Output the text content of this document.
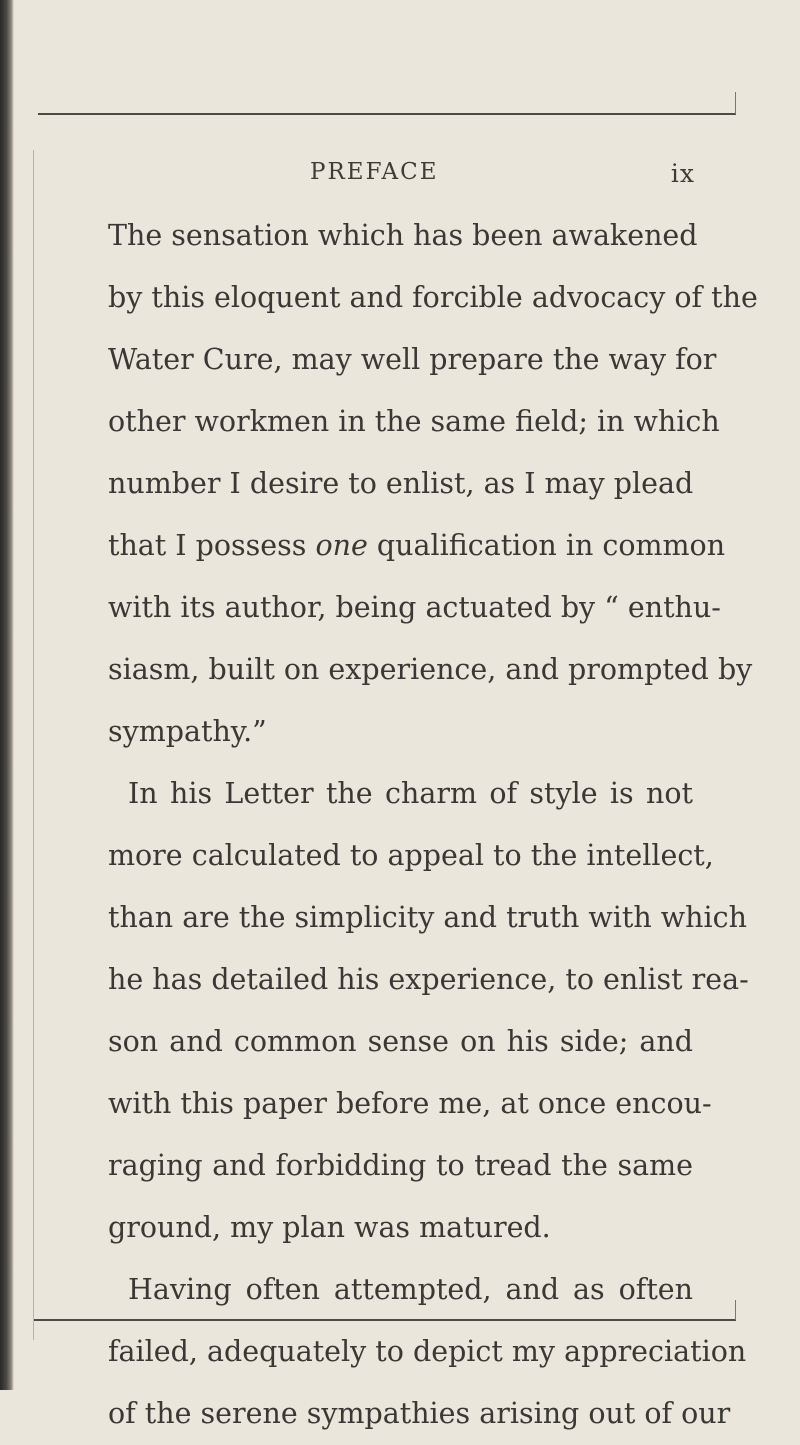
PREFACE	ix
The sensation which has been awakened
by this eloquent and forcible advocacy of the
Water Cure, may well prepare the way for
other workmen in the same field; in which
number I desire to enlist, as I may plead
that I possess one qualification in common
with its author, being actuated by “ enthu-
siasm, built on experience, and prompted by
sympathy.”
In his Letter the charm of style is not
more calculated to appeal to the intellect,
than are the simplicity and truth with which
he has detailed his experience, to enlist rea-
son and common sense on his side; and
with this paper before me, at once encou-
raging and forbidding to tread the same
ground, my plan was matured.
Having often attempted, and as often
failed, adequately to depict my appreciation
of the serene sympathies arising out of our
